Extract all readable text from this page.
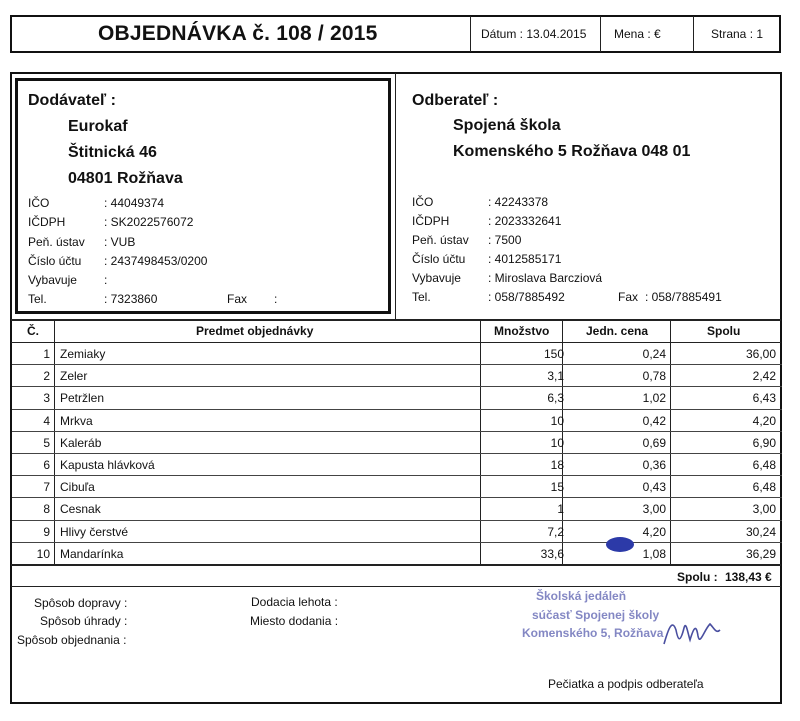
OBJEDNÁVKA č. 108 / 2015	Dátum : 13.04.2015 Mena : €	Strana : 1
Dodávateľ :
Eurokaf
Štitnická 46
04801 Rožňava
IČO	: 44049374
IČDPH	: SK2022576072
Peň. ústav : VUB
Číslo účtu : 2437498453/0200
Vybavuje :
Tel.	: 7323860	Fax :
Odberateľ :
Spojená škola
Komenského 5 Rožňava 048 01
IČO	: 42243378
IČDPH	: 2023332641
Peň. ústav : 7500
Číslo účtu : 4012585171
Vybavuje : Miroslava Barcziová
Tel.	: 058/7885492	Fax : 058/7885491
Č.	Predmet objednávky	Množstvo	Jedn. cena	Spolu
1 Zemiaky	150	0,24	36,00
2 Zeler	3,1	0,78	2,42
3 Petržlen	6,3	1,02	6,43
4 Mrkva	10	0,42	4,20
5 Kaleráb	10	0,69	6,90
6 Kapusta hlávková	18	0,36	6,48
7 Cibuľa	15	0,43	6,48
8 Cesnak	1	3,00	3,00
9 Hlivy čerstvé	7,2	4,20	30,24
10 Mandarínka	33,6	1,08	36,29
Spolu : 138,43 €
Spôsob dopravy :
Spôsob úhrady :
Spôsob objednania :
Dodacia lehota :
Miesto dodania :
Školská jedáleň
súčasť Spojenej školy
Komenského 5, Rožňava
Pečiatka a podpis odberateľa
